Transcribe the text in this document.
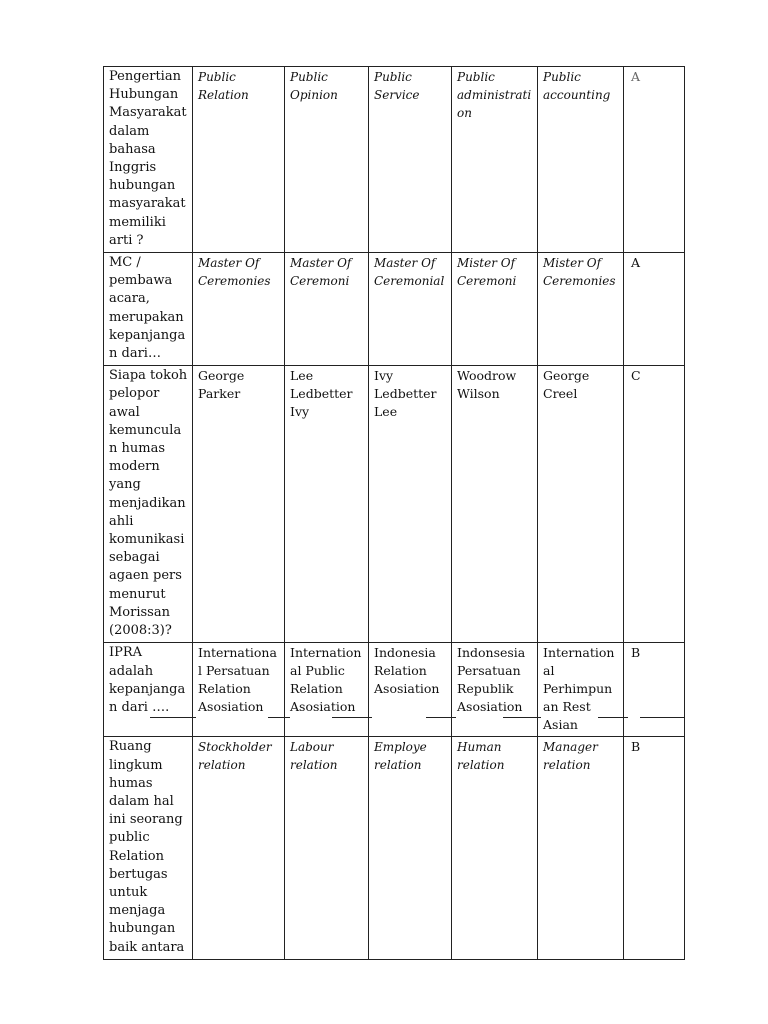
Pengertian Hubungan Masyarakat dalam bahasa Inggris hubungan masyarakat memiliki arti ?	Public Relation	Public Opinion	Public Service	Public administration	Public accounting	A
MC / pembawa acara, merupakan kepanjangan dari…	Master Of Ceremonies	Master Of Ceremoni	Master Of Ceremonial	Mister Of Ceremoni	Mister Of Ceremonies	A
Siapa tokoh pelopor awal kemunculan humas modern yang menjadikan ahli komunikasi sebagai agaen pers menurut Morissan (2008:3)?	George Parker	Lee Ledbetter Ivy	Ivy Ledbetter Lee	Woodrow Wilson	George Creel	C
IPRA adalah kepanjangan dari ….	International Persatuan Relation Asosiation	International Public Relation Asosiation	Indonesia Relation Asosiation	Indonsesia Persatuan Republik Asosiation	International Perhimpunan Rest Asian	B
Ruang lingkum humas dalam hal ini seorang public Relation bertugas untuk menjaga hubungan baik antara	Stockholder relation	Labour relation	Employe relation	Human relation	Manager relation	B
